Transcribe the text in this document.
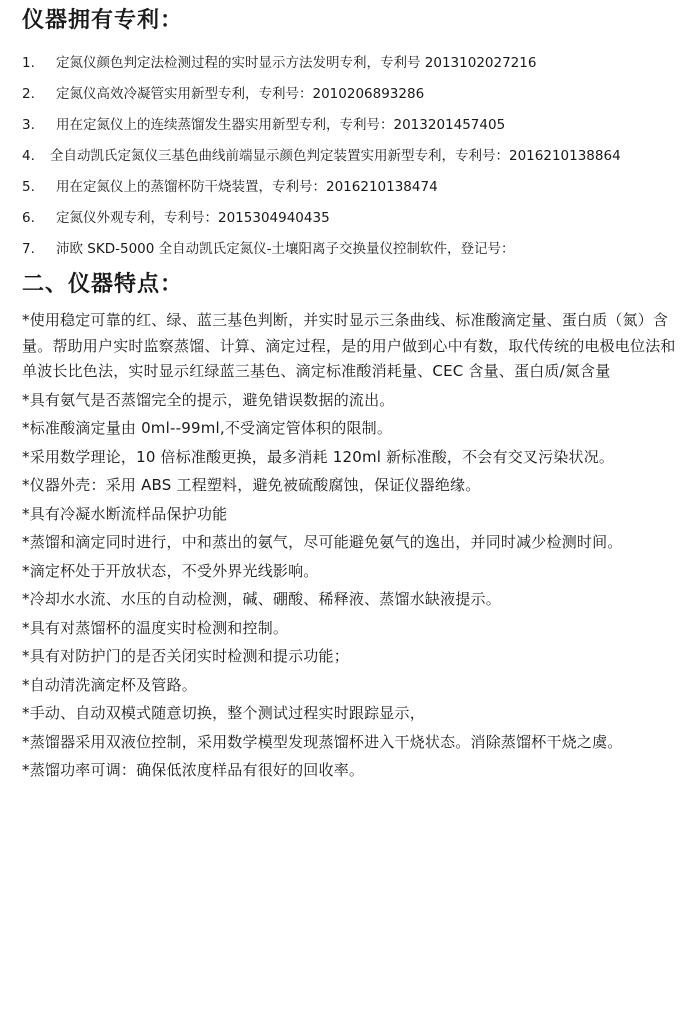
仪器拥有专利：
1.	定氮仪颜色判定法检测过程的实时显示方法发明专利，专利号 2013102027216
2.	定氮仪高效冷凝管实用新型专利，专利号：2010206893286
3.	用在定氮仪上的连续蒸馏发生器实用新型专利，专利号：2013201457405
4. 全自动凯氏定氮仪三基色曲线前端显示颜色判定装置实用新型专利，专利号：2016210138864
5.	用在定氮仪上的蒸馏杯防干烧装置，专利号：2016210138474
6.	定氮仪外观专利，专利号：2015304940435
7.	沛欧 SKD-5000 全自动凯氏定氮仪-土壤阳离子交换量仪控制软件，登记号：
二、仪器特点：
*使用稳定可靠的红、绿、蓝三基色判断，并实时显示三条曲线、标准酸滴定量、蛋白质（氮）含量。帮助用户实时监察蒸馏、计算、滴定过程，是的用户做到心中有数，取代传统的电极电位法和单波长比色法，实时显示红绿蓝三基色、滴定标准酸消耗量、CEC 含量、蛋白质/氮含量
*具有氨气是否蒸馏完全的提示，避免错误数据的流出。
*标准酸滴定量由 0ml--99ml,不受滴定管体积的限制。
*采用数学理论，10 倍标准酸更换，最多消耗 120ml 新标准酸，不会有交叉污染状况。
*仪器外壳：采用 ABS 工程塑料，避免被硫酸腐蚀，保证仪器绝缘。
*具有冷凝水断流样品保护功能
*蒸馏和滴定同时进行，中和蒸出的氨气，尽可能避免氨气的逸出，并同时减少检测时间。
*滴定杯处于开放状态，不受外界光线影响。
*冷却水水流、水压的自动检测，碱、硼酸、稀释液、蒸馏水缺液提示。
*具有对蒸馏杯的温度实时检测和控制。
*具有对防护门的是否关闭实时检测和提示功能；
*自动清洗滴定杯及管路。
*手动、自动双模式随意切换，整个测试过程实时跟踪显示，
*蒸馏器采用双液位控制，采用数学模型发现蒸馏杯进入干烧状态。消除蒸馏杯干烧之虞。
*蒸馏功率可调：确保低浓度样品有很好的回收率。
